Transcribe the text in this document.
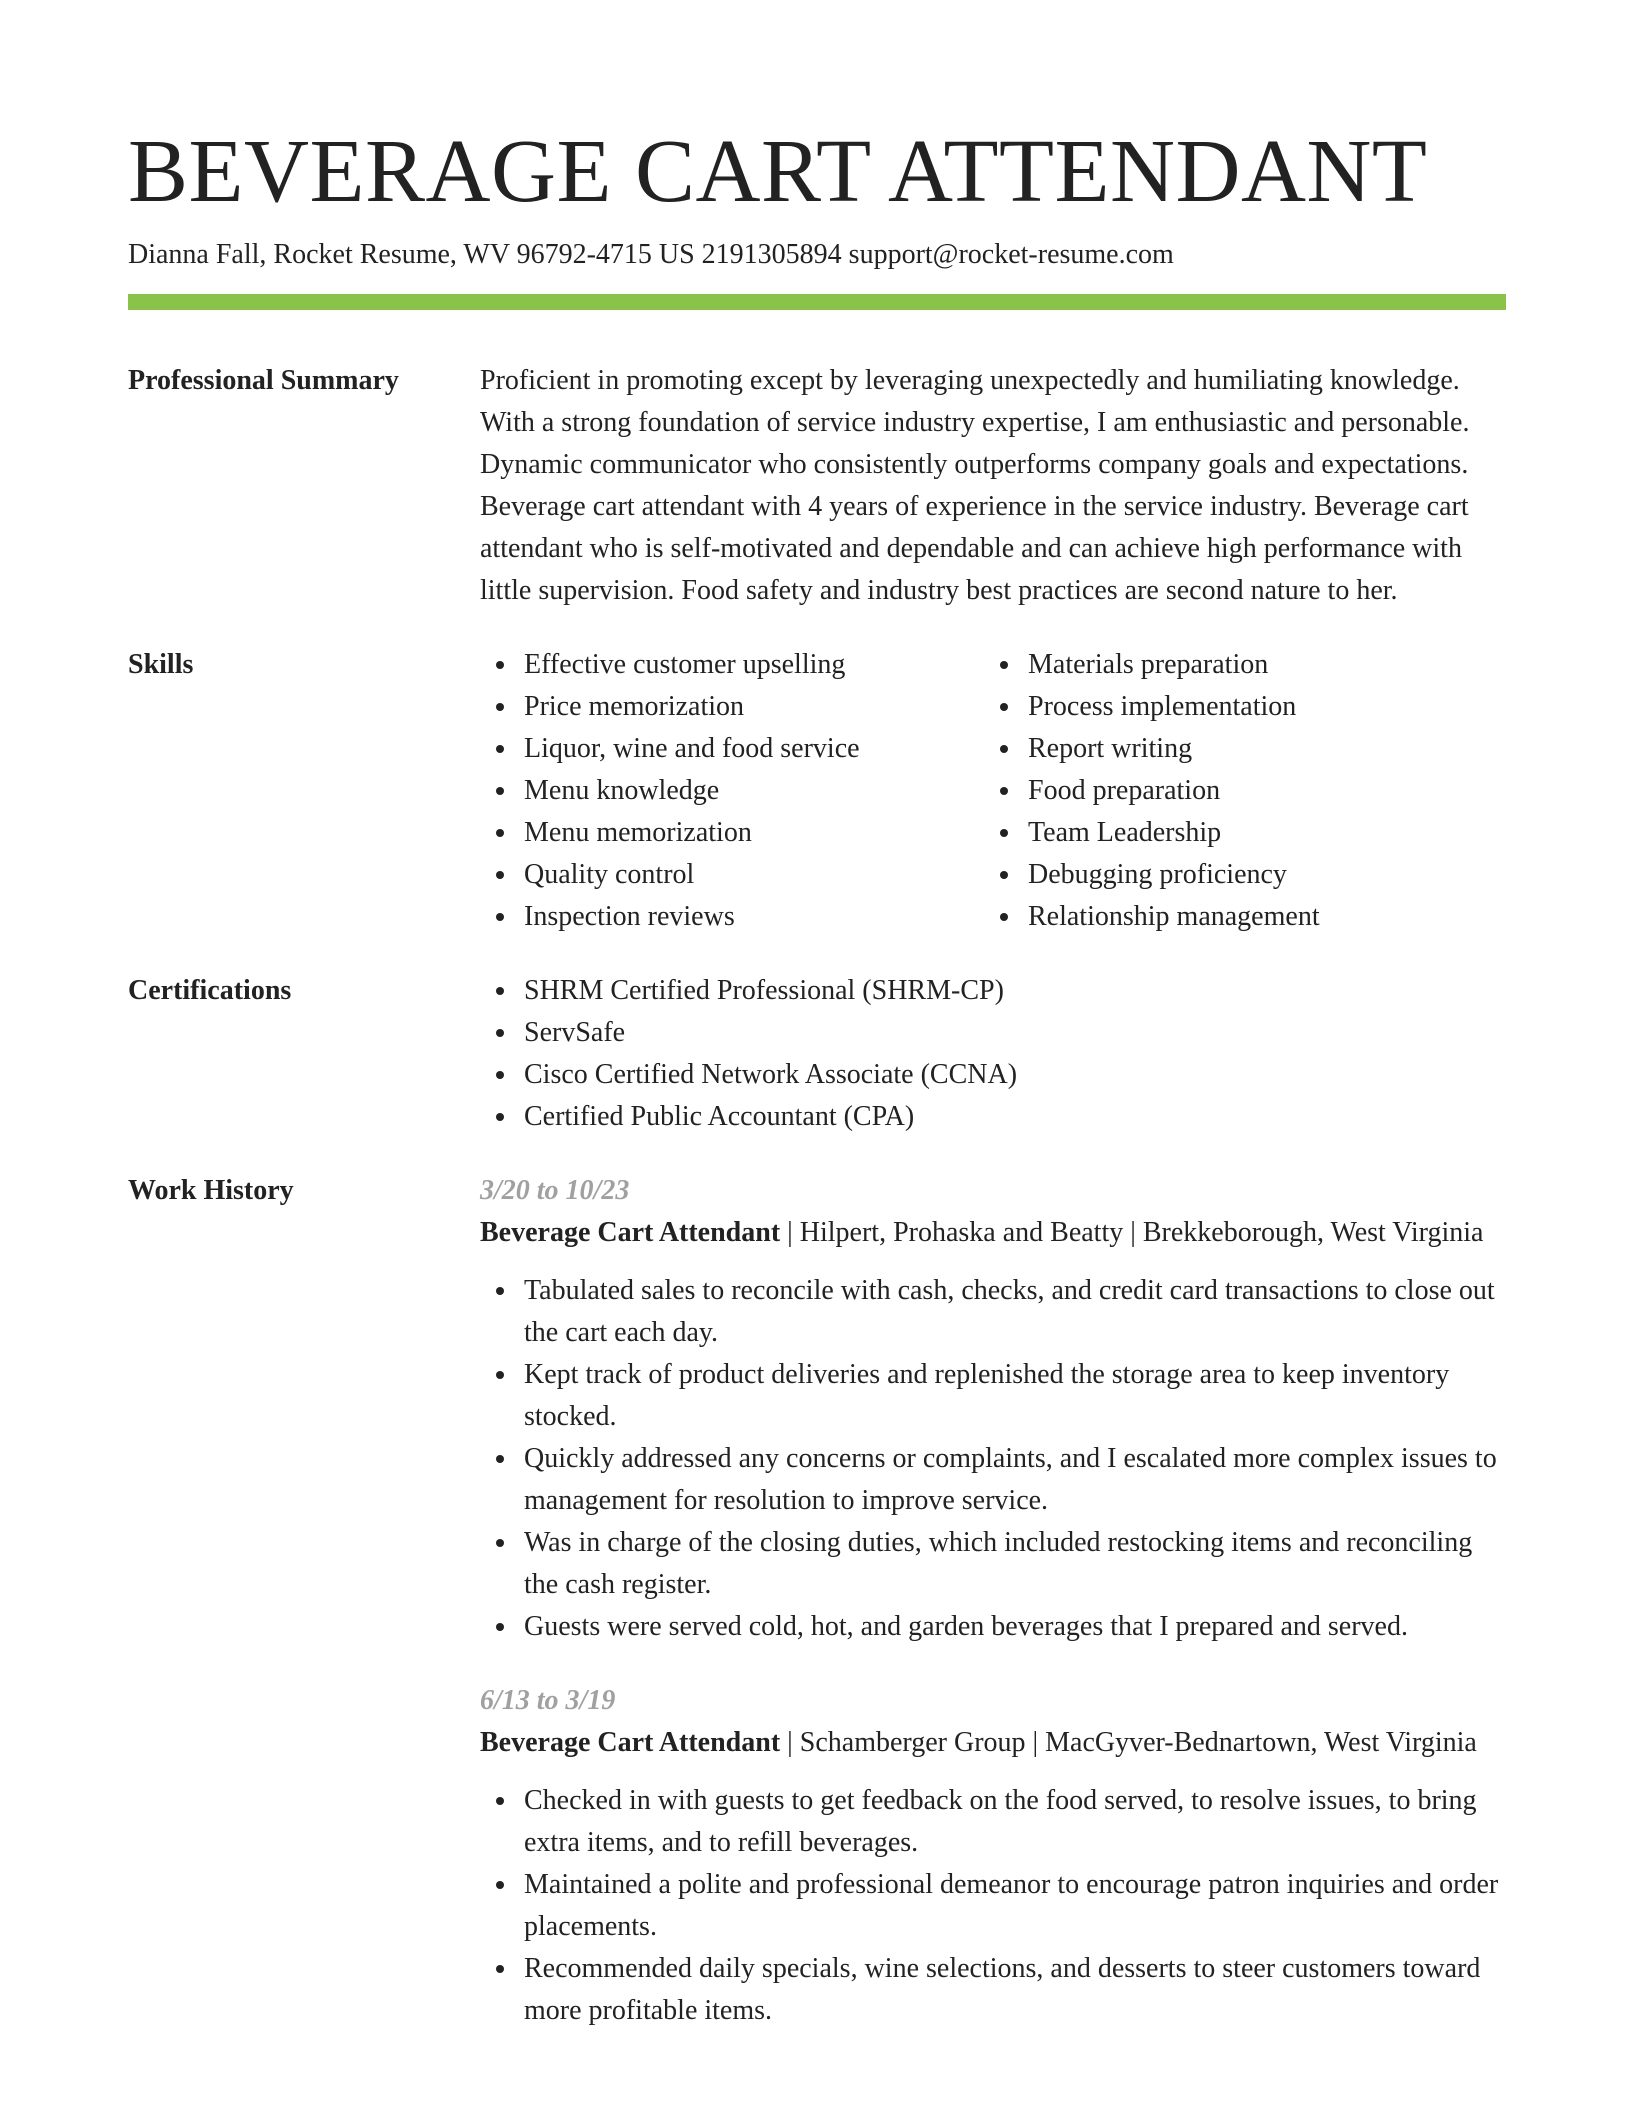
BEVERAGE CART ATTENDANT
Dianna Fall, Rocket Resume, WV 96792-4715 US 2191305894 support@rocket-resume.com
Professional Summary	Proficient in promoting except by leveraging unexpectedly and humiliating knowledge. With a strong foundation of service industry expertise, I am enthusiastic and personable. Dynamic communicator who consistently outperforms company goals and expectations. Beverage cart attendant with 4 years of experience in the service industry. Beverage cart attendant who is self-motivated and dependable and can achieve high performance with little supervision. Food safety and industry best practices are second nature to her.
Skills	Effective customer upselling
Price memorization
Liquor, wine and food service
Menu knowledge
Menu memorization
Quality control
Inspection reviews
Materials preparation
Process implementation
Report writing
Food preparation
Team Leadership
Debugging proficiency
Relationship management
Certifications	SHRM Certified Professional (SHRM-CP)
ServSafe
Cisco Certified Network Associate (CCNA)
Certified Public Accountant (CPA)
Work History	3/20 to 10/23
Beverage Cart Attendant | Hilpert, Prohaska and Beatty | Brekkeborough, West Virginia
Tabulated sales to reconcile with cash, checks, and credit card transactions to close out the cart each day.
Kept track of product deliveries and replenished the storage area to keep inventory stocked.
Quickly addressed any concerns or complaints, and I escalated more complex issues to management for resolution to improve service.
Was in charge of the closing duties, which included restocking items and reconciling the cash register.
Guests were served cold, hot, and garden beverages that I prepared and served.
6/13 to 3/19
Beverage Cart Attendant | Schamberger Group | MacGyver-Bednartown, West Virginia
Checked in with guests to get feedback on the food served, to resolve issues, to bring extra items, and to refill beverages.
Maintained a polite and professional demeanor to encourage patron inquiries and order placements.
Recommended daily specials, wine selections, and desserts to steer customers toward more profitable items.
